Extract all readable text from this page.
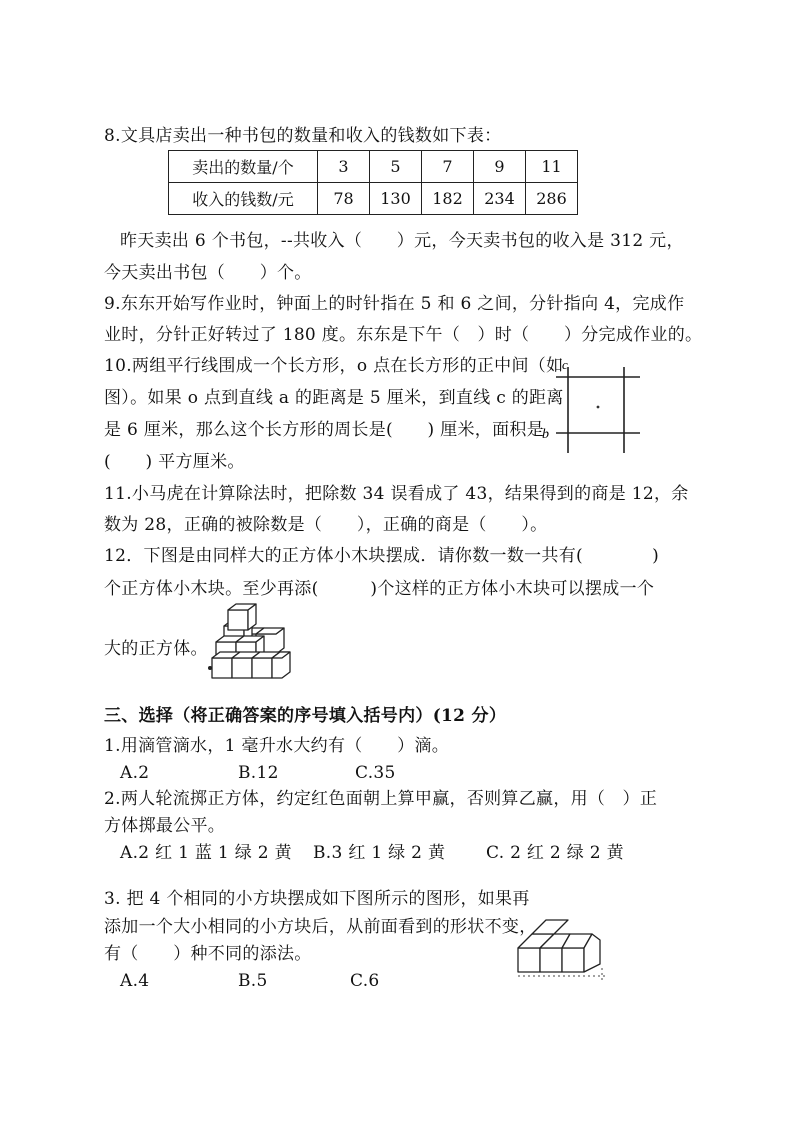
8.文具店卖出一种书包的数量和收入的钱数如下表：
卖出的数量/个	3	5	7	9	11
收入的钱数/元	78	130	182	234	286
昨天卖出 6 个书包，--共收入（　　）元，今天卖书包的收入是 312 元，
今天卖出书包（　　）个。
9.东东开始写作业时，钟面上的时针指在 5 和 6 之间，分针指向 4，完成作
业时，分针正好转过了 180 度。东东是下午（　）时（　　）分完成作业的。
10.两组平行线围成一个长方形，o 点在长方形的正中间（如
图）。如果 o 点到直线 a 的距离是 5 厘米，到直线 c 的距离
是 6 厘米，那么这个长方形的周长是(　　) 厘米，面积是
(　　) 平方厘米。
c
b
11.小马虎在计算除法时，把除数 34 误看成了 43，结果得到的商是 12，余
数为 28，正确的被除数是（　　），正确的商是（　　）。
12．下图是由同样大的正方体小木块摆成．请你数一数一共有(　　　　)
个正方体小木块。至少再添(　　　)个这样的正方体小木块可以摆成一个
大的正方体。
三、选择（将正确答案的序号填入括号内）(12 分）
1.用滴管滴水，1 毫升水大约有（　　）滴。
A.2	B.12	C.35
2.两人轮流掷正方体，约定红色面朝上算甲赢，否则算乙赢，用（　）正
方体掷最公平。
A.2 红 1 蓝 1 绿 2 黄 B.3 红 1 绿 2 黄 C. 2 红 2 绿 2 黄
3. 把 4 个相同的小方块摆成如下图所示的图形，如果再
添加一个大小相同的小方块后，从前面看到的形状不变，
有（　　）种不同的添法。
A.4	B.5	C.6
